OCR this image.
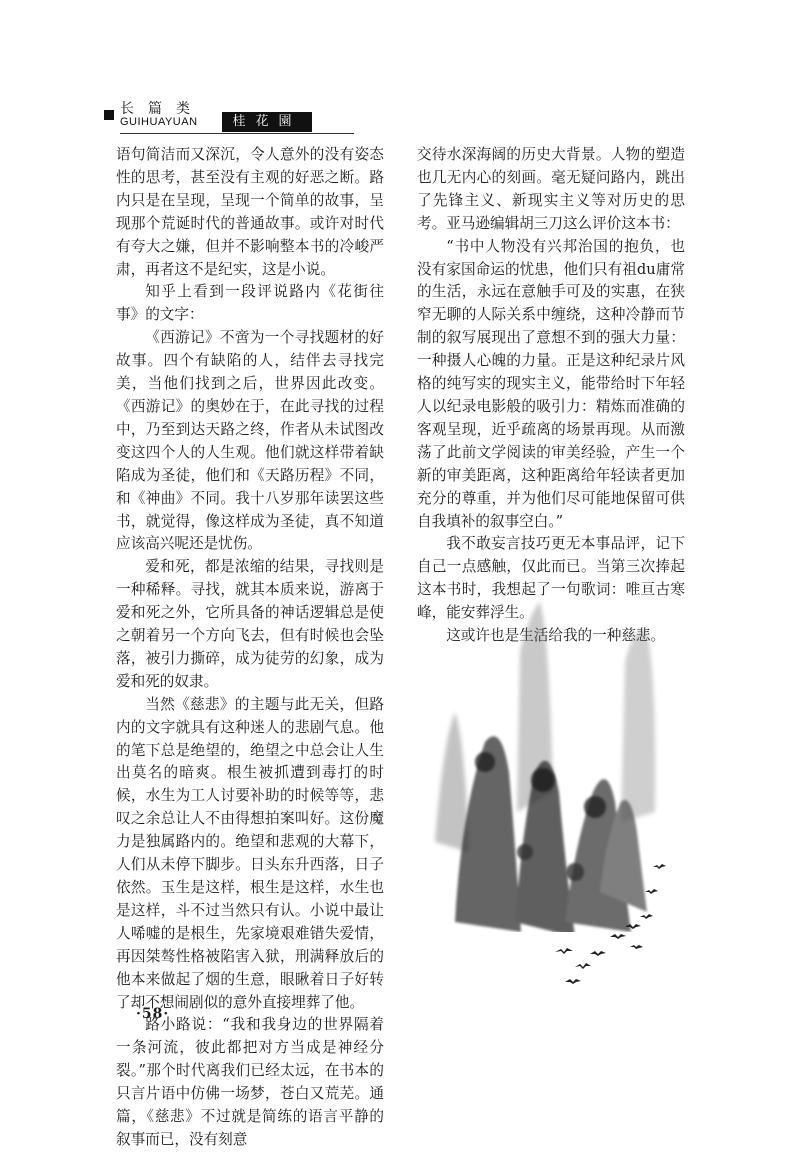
长篇类
GUIHUAYUAN	桂花園

语句简洁而又深沉，令人意外的没有姿态性的思考，甚至没有主观的好恶之断。路内只是在呈现，呈现一个简单的故事，呈现那个荒诞时代的普通故事。或许对时代有夸大之嫌，但并不影响整本书的冷峻严肃，再者这不是纪实，这是小说。

知乎上看到一段评说路内《花街往事》的文字：

《西游记》不啻为一个寻找题材的好故事。四个有缺陷的人，结伴去寻找完美，当他们找到之后，世界因此改变。《西游记》的奥妙在于，在此寻找的过程中，乃至到达天路之终，作者从未试图改变这四个人的人生观。他们就这样带着缺陷成为圣徒，他们和《天路历程》不同，和《神曲》不同。我十八岁那年读罢这些书，就觉得，像这样成为圣徒，真不知道应该高兴呢还是忧伤。

爱和死，都是浓缩的结果，寻找则是一种稀释。寻找，就其本质来说，游离于爱和死之外，它所具备的神话逻辑总是使之朝着另一个方向飞去，但有时候也会坠落，被引力撕碎，成为徒劳的幻象，成为爱和死的奴隶。

当然《慈悲》的主题与此无关，但路内的文字就具有这种迷人的悲剧气息。他的笔下总是绝望的，绝望之中总会让人生出莫名的暗爽。根生被抓遭到毒打的时候，水生为工人讨要补助的时候等等，悲叹之余总让人不由得想拍案叫好。这份魔力是独属路内的。绝望和悲观的大幕下，人们从未停下脚步。日头东升西落，日子依然。玉生是这样，根生是这样，水生也是这样，斗不过当然只有认。小说中最让人唏嘘的是根生，先家境艰难错失爱情，再因桀骜性格被陷害入狱，刑满释放后的他本来做起了烟的生意，眼瞅着日子好转了却不想闹剧似的意外直接埋葬了他。

路小路说：“我和我身边的世界隔着一条河流，彼此都把对方当成是神经分裂。”那个时代离我们已经太远，在书本的只言片语中仿佛一场梦，苍白又荒芜。通篇，《慈悲》不过就是简练的语言平静的叙事而已，没有刻意

交待水深海阔的历史大背景。人物的塑造也几无内心的刻画。毫无疑问路内，跳出了先锋主义、新现实主义等对历史的思考。亚马逊编辑胡三刀这么评价这本书：

“书中人物没有兴邦治国的抱负，也没有家国命运的忧患，他们只有祖du庸常的生活，永远在意触手可及的实惠，在狭窄无聊的人际关系中缠绕，这种冷静而节制的叙写展现出了意想不到的强大力量：一种摄人心魄的力量。正是这种纪录片风格的纯写实的现实主义，能带给时下年轻人以纪录电影般的吸引力：精炼而准确的客观呈现，近乎疏离的场景再现。从而激荡了此前文学阅读的审美经验，产生一个新的审美距离，这种距离给年轻读者更加充分的尊重，并为他们尽可能地保留可供自我填补的叙事空白。”

我不敢妄言技巧更无本事品评，记下自己一点感触，仅此而已。当第三次捧起这本书时，我想起了一句歌词：唯亘古寒峰，能安葬浮生。

这或许也是生活给我的一种慈悲。

·58·
